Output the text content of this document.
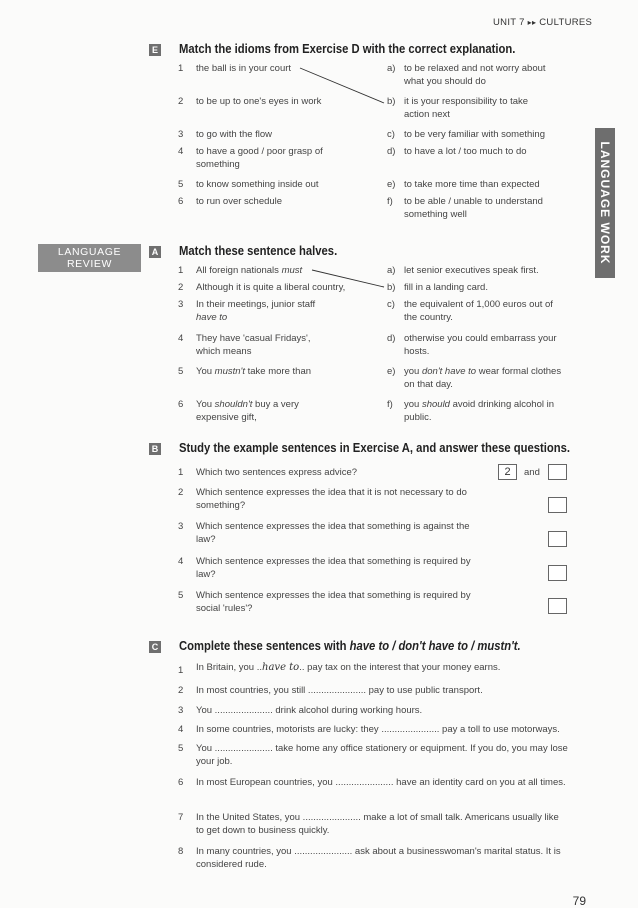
UNIT 7 ▸▸ CULTURES
LANGUAGE WORK
E Match the idioms from Exercise D with the correct explanation.
1 the ball is in your court
2 to be up to one's eyes in work
3 to go with the flow
4 to have a good / poor grasp of something
5 to know something inside out
6 to run over schedule
a) to be relaxed and not worry about what you should do
b) it is your responsibility to take action next
c) to be very familiar with something
d) to have a lot / too much to do
e) to take more time than expected
f) to be able / unable to understand something well
LANGUAGE
REVIEW
A Match these sentence halves.
1 All foreign nationals must
2 Although it is quite a liberal country,
3 In their meetings, junior staff have to
4 They have 'casual Fridays', which means
5 You mustn't take more than
6 You shouldn't buy a very expensive gift,
a) let senior executives speak first.
b) fill in a landing card.
c) the equivalent of 1,000 euros out of the country.
d) otherwise you could embarrass your hosts.
e) you don't have to wear formal clothes on that day.
f) you should avoid drinking alcohol in public.
B Study the example sentences in Exercise A, and answer these questions.
1 Which two sentences express advice?
2 Which sentence expresses the idea that it is not necessary to do something?
3 Which sentence expresses the idea that something is against the law?
4 Which sentence expresses the idea that something is required by law?
5 Which sentence expresses the idea that something is required by social 'rules'?
2	and
C Complete these sentences with have to / don't have to / mustn't.
1 In Britain, you ..have to.. pay tax on the interest that your money earns.
2 In most countries, you still ...................... pay to use public transport.
3 You ...................... drink alcohol during working hours.
4 In some countries, motorists are lucky: they ...................... pay a toll to use motorways.
5 You ...................... take home any office stationery or equipment. If you do, you may lose your job.
6 In most European countries, you ...................... have an identity card on you at all times.
7 In the United States, you ...................... make a lot of small talk. Americans usually like to get down to business quickly.
8 In many countries, you ...................... ask about a businesswoman's marital status. It is considered rude.
79
